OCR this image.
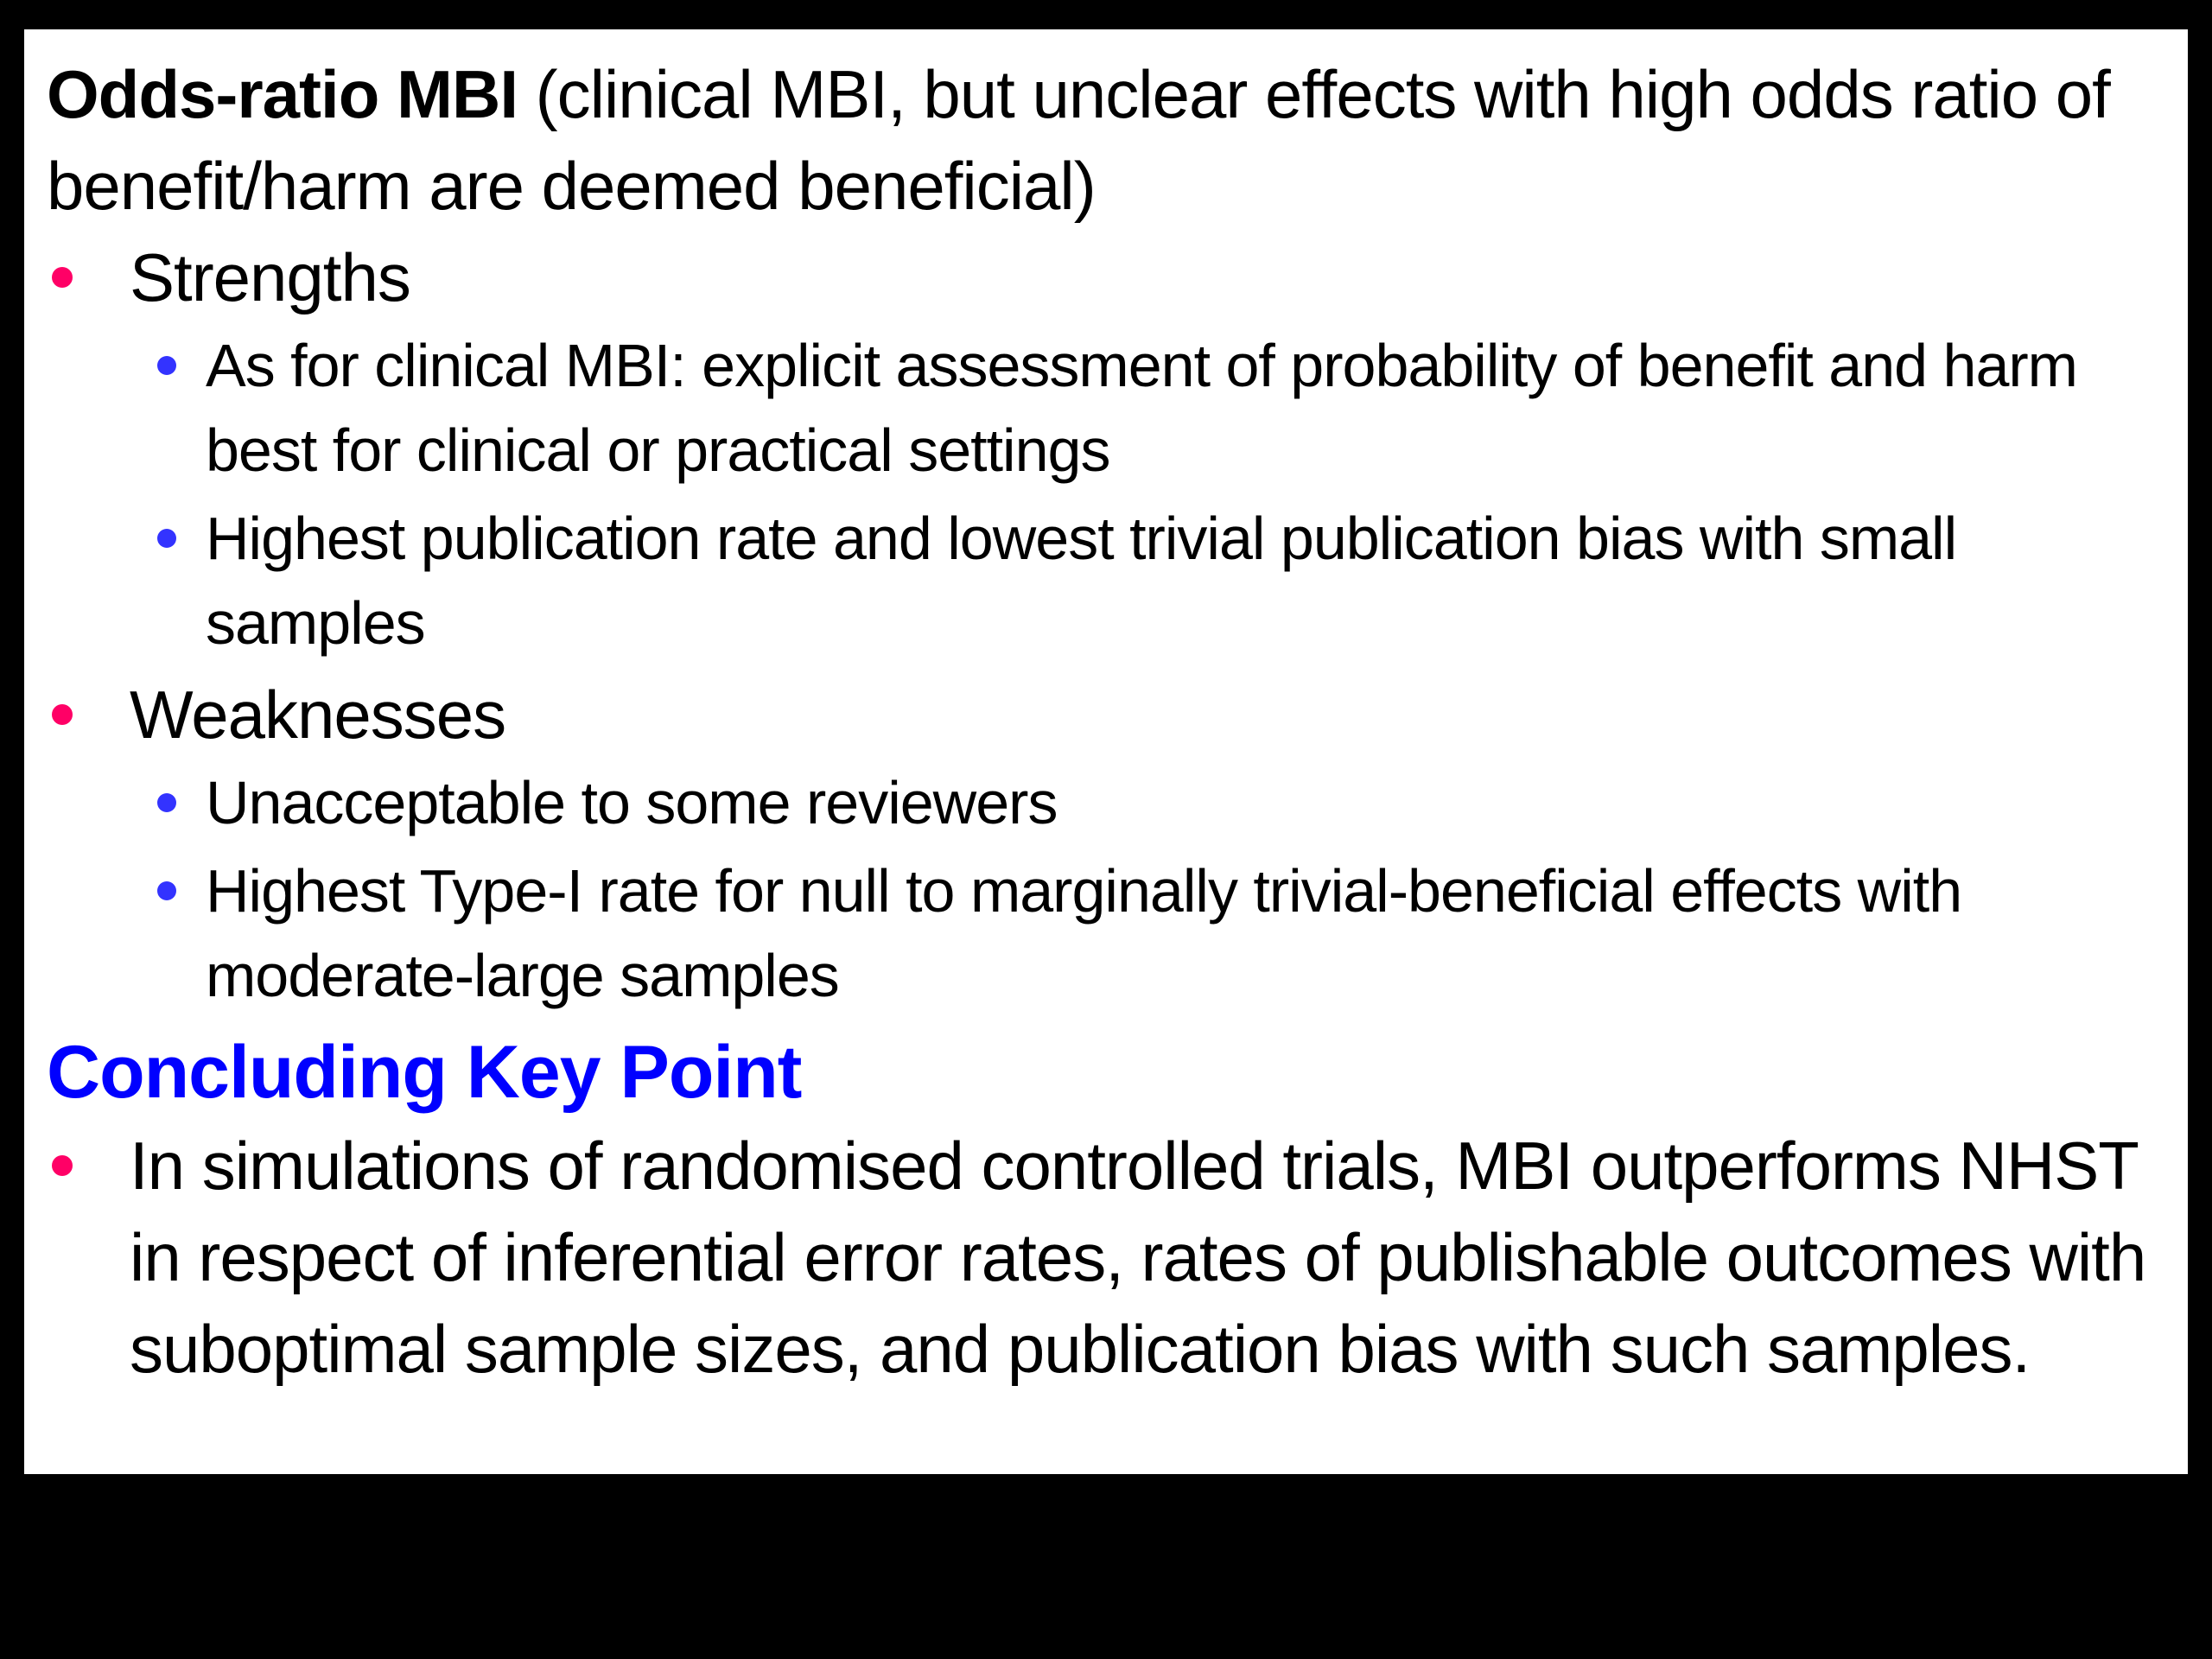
Odds-ratio MBI (clinical MBI, but unclear effects with high odds ratio of benefit/harm are deemed beneficial)

Strengths
As for clinical MBI: explicit assessment of probability of benefit and harm best for clinical or practical settings
Highest publication rate and lowest trivial publication bias with small samples
Weaknesses
Unacceptable to some reviewers
Highest Type-I rate for null to marginally trivial-beneficial effects with moderate-large samples
Concluding Key Point
In simulations of randomised controlled trials, MBI outperforms NHST in respect of inferential error rates, rates of publishable outcomes with suboptimal sample sizes, and publication bias with such samples.
